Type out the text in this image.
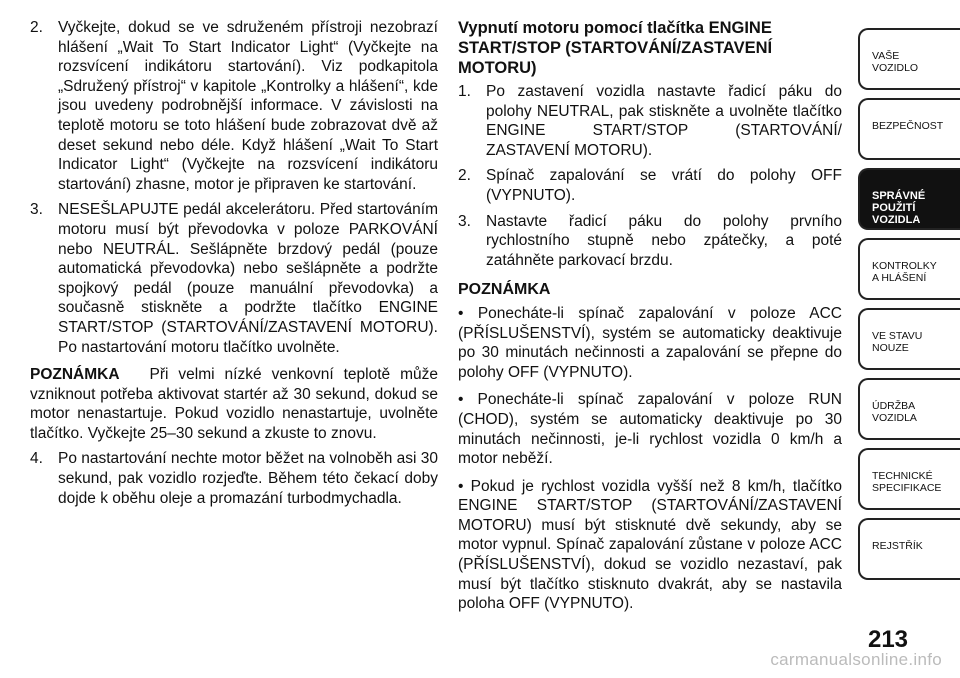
2. Vyčkejte, dokud se ve sdruženém přístroji nezobrazí hlášení „Wait To Start Indicator Light“ (Vyčkejte na rozsvícení indikátoru startování). Viz podkapitola „Sdružený přístroj“ v kapitole „Kontrolky a hlášení“, kde jsou uvedeny podrobnější informace. V závislosti na teplotě motoru se toto hlášení bude zobrazovat dvě až deset sekund nebo déle. Když hlášení „Wait To Start Indicator Light“ (Vyčkejte na rozsvícení indikátoru startování) zhasne, motor je připraven ke startování.
3. NESEŠLAPUJTE pedál akcelerátoru. Před startováním motoru musí být převodovka v poloze PARKOVÁNÍ nebo NEUTRÁL. Sešlápněte brzdový pedál (pouze automatická převodovka) nebo sešlápněte a podržte spojkový pedál (pouze manuální převodovka) a současně stiskněte a podržte tlačítko ENGINE START/STOP (STARTOVÁNÍ/ZASTAVENÍ MOTORU). Po nastartování motoru tlačítko uvolněte.

POZNÁMKA Při velmi nízké venkovní teplotě může vzniknout potřeba aktivovat startér až 30 sekund, dokud se motor nenastartuje. Pokud vozidlo nenastartuje, uvolněte tlačítko. Vyčkejte 25–30 sekund a zkuste to znovu.

4. Po nastartování nechte motor běžet na volnoběh asi 30 sekund, pak vozidlo rozjeďte. Během této čekací doby dojde k oběhu oleje a promazání turbodmychadla.
Vypnutí motoru pomocí tlačítka ENGINE START/STOP (STARTOVÁNÍ/ZASTAVENÍ MOTORU)
1. Po zastavení vozidla nastavte řadicí páku do polohy NEUTRAL, pak stiskněte a uvolněte tlačítko ENGINE START/STOP (STARTOVÁNÍ/ ZASTAVENÍ MOTORU).
2. Spínač zapalování se vrátí do polohy OFF (VYPNUTO).
3. Nastavte řadicí páku do polohy prvního rychlostního stupně nebo zpátečky, a poté zatáhněte parkovací brzdu.
POZNÁMKA

• Ponecháte-li spínač zapalování v poloze ACC (PŘÍSLUŠENSTVÍ), systém se automaticky deaktivuje po 30 minutách nečinnosti a zapalování se přepne do polohy OFF (VYPNUTO).

• Ponecháte-li spínač zapalování v poloze RUN (CHOD), systém se automaticky deaktivuje po 30 minutách nečinnosti, je-li rychlost vozidla 0 km/h a motor neběží.

• Pokud je rychlost vozidla vyšší než 8 km/h, tlačítko ENGINE START/STOP (STARTOVÁNÍ/ZASTAVENÍ MOTORU) musí být stisknuté dvě sekundy, aby se motor vypnul. Spínač zapalování zůstane v poloze ACC (PŘÍSLUŠENSTVÍ), dokud se vozidlo nezastaví, pak musí být tlačítko stisknuto dvakrát, aby se nastavila poloha OFF (VYPNUTO).

VAŠE
VOZIDLO
BEZPEČNOST
SPRÁVNÉ
POUŽITÍ
VOZIDLA
KONTROLKY
A HLÁŠENÍ
VE STAVU
NOUZE
ÚDRŽBA
VOZIDLA
TECHNICKÉ
SPECIFIKACE
REJSTŘÍK
213
carmanualsonline.info
